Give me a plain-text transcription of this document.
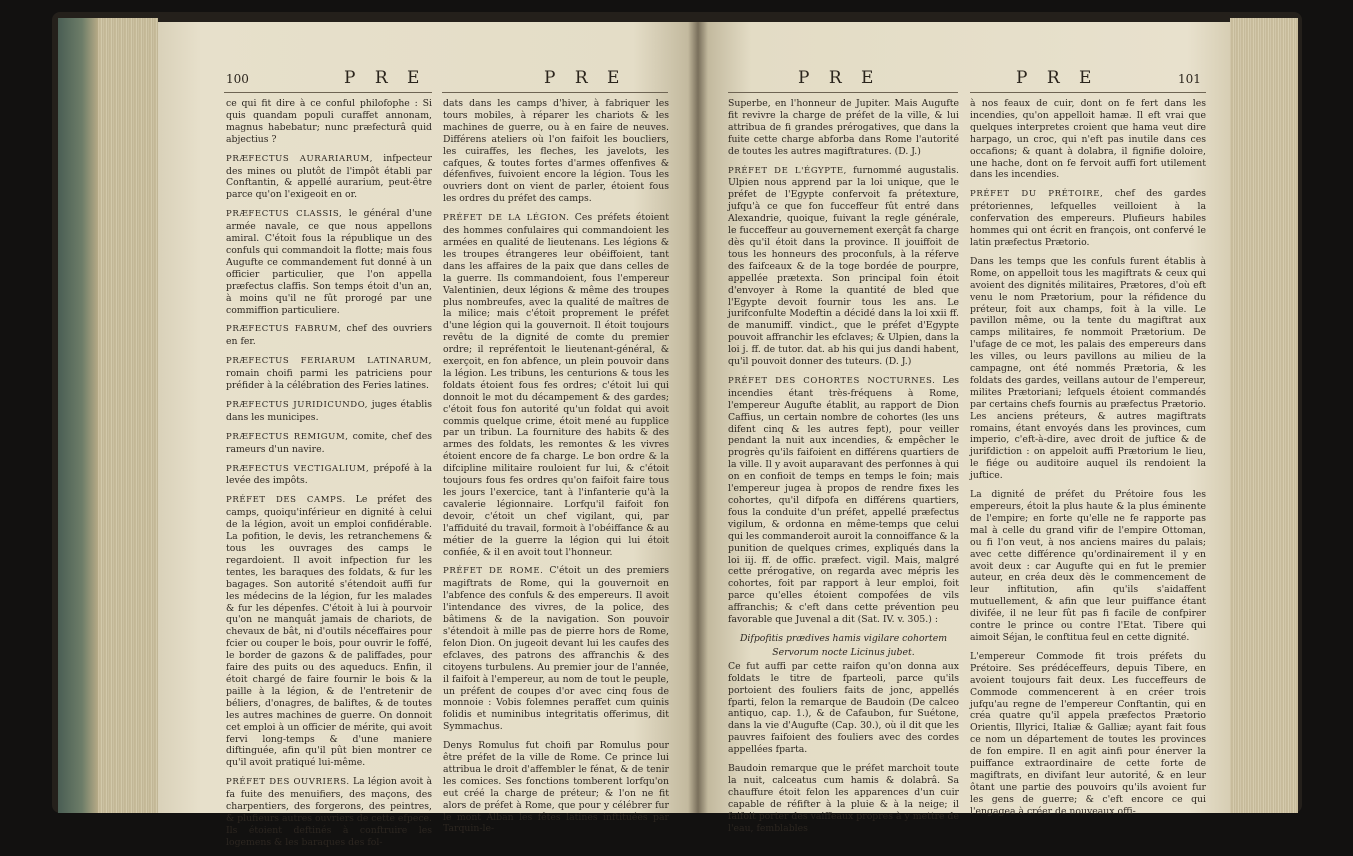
100	P R E	P R E

ce qui fit dire à ce conful philofophe : Si quis quandam populi curaffet annonam, magnus habebatur; nunc præfecturâ quid abjectius ?

PRÆFECTUS AURARIARUM, infpecteur des mines ou plutôt de l'impôt établi par Conftantin, & appellé aurarium, peut-être parce qu'on l'exigeoit en or.

PRÆFECTUS CLASSIS, le général d'une armée navale, ce que nous appellons amiral. C'étoit fous la république un des confuls qui commandoit la flotte; mais fous Augufte ce commandement fut donné à un officier particulier, que l'on appella præfectus claffis. Son temps étoit d'un an, à moins qu'il ne fût prorogé par une commiffion particuliere.

PRÆFECTUS FABRUM, chef des ouvriers en fer.

PRÆFECTUS FERIARUM LATINARUM, romain choifi parmi les patriciens pour préfider à la célébration des Feries latines.

PRÆFECTUS JURIDICUNDO, juges établis dans les municipes.

PRÆFECTUS REMIGUM, comite, chef des rameurs d'un navire.

PRÆFECTUS VECTIGALIUM, prépofé à la levée des impôts.

PRÉFET DES CAMPS. Le préfet des camps, quoiqu'inférieur en dignité à celui de la légion, avoit un emploi confidérable. La pofition, le devis, les retranchemens & tous les ouvrages des camps le regardoient. Il avoit infpection fur les tentes, les baraques des foldats, & fur les bagages. Son autorité s'étendoit auffi fur les médecins de la légion, fur les malades & fur les dépenfes. C'étoit à lui à pourvoir qu'on ne manquât jamais de chariots, de chevaux de bât, ni d'outils néceffaires pour fcier ou couper le bois, pour ouvrir le foffé, le border de gazons & de paliffades, pour faire des puits ou des aqueducs. Enfin, il étoit chargé de faire fournir le bois & la paille à la légion, & de l'entretenir de béliers, d'onagres, de baliftes, & de toutes les autres machines de guerre. On donnoit cet emploi à un officier de mérite, qui avoit fervi long-temps & d'une maniere diftinguée, afin qu'il pût bien montrer ce qu'il avoit pratiqué lui-même.

PRÉFET DES OUVRIERS. La légion avoit à fa fuite des menuifiers, des maçons, des charpentiers, des forgerons, des peintres, & plufieurs autres ouvriers de cette efpece. Ils étoient deftinés à conftruire les logemens & les baraques des fol-

dats dans les camps d'hiver, à fabriquer les tours mobiles, à réparer les chariots & les machines de guerre, ou à en faire de neuves. Différens ateliers où l'on faifoit les boucliers, les cuiraffes, les fleches, les javelots, les cafques, & toutes fortes d'armes offenfives & défenfives, fuivoient encore la légion. Tous les ouvriers dont on vient de parler, étoient fous les ordres du préfet des camps.

PRÉFET DE LA LÉGION. Ces préfets étoient des hommes confulaires qui commandoient les armées en qualité de lieutenans. Les légions & les troupes étrangeres leur obéiffoient, tant dans les affaires de la paix que dans celles de la guerre. Ils commandoient, fous l'empereur Valentinien, deux légions & même des troupes plus nombreufes, avec la qualité de maîtres de la milice; mais c'étoit proprement le préfet d'une légion qui la gouvernoit. Il étoit toujours revêtu de la dignité de comte du premier ordre; il repréfentoit le lieutenant-général, & exerçoit, en fon abfence, un plein pouvoir dans la légion. Les tribuns, les centurions & tous les foldats étoient fous fes ordres; c'étoit lui qui donnoit le mot du décampement & des gardes; c'étoit fous fon autorité qu'un foldat qui avoit commis quelque crime, étoit mené au fupplice par un tribun. La fourniture des habits & des armes des foldats, les remontes & les vivres étoient encore de fa charge. Le bon ordre & la difcipline militaire rouloient fur lui, & c'étoit toujours fous fes ordres qu'on faifoit faire tous les jours l'exercice, tant à l'infanterie qu'à la cavalerie légionnaire. Lorfqu'il faifoit fon devoir, c'étoit un chef vigilant, qui, par l'affiduité du travail, formoit à l'obéiffance & au métier de la guerre la légion qui lui étoit confiée, & il en avoit tout l'honneur.

PRÉFET DE ROME. C'étoit un des premiers magiftrats de Rome, qui la gouvernoit en l'abfence des confuls & des empereurs. Il avoit l'intendance des vivres, de la police, des bâtimens & de la navigation. Son pouvoir s'étendoit à mille pas de pierre hors de Rome, felon Dion. On jugeoit devant lui les caufes des efclaves, des patrons des affranchis & des citoyens turbulens. Au premier jour de l'année, il faifoit à l'empereur, au nom de tout le peuple, un préfent de coupes d'or avec cinq fous de monnoie : Vobis folemnes peraffet cum quinis folidis et numinibus integritatis offerimus, dit Symmachus.

Denys Romulus fut choifi par Romulus pour être préfet de la ville de Rome. Ce prince lui attribua le droit d'affembler le fénat, & de tenir les comices. Ses fonctions tomberent lorfqu'on eut créé la charge de préteur; & l'on ne fit alors de préfet à Rome, que pour y célébrer fur le mont Alban les fêtes latines inftituées par Tarquin-le-

P R E	P R E	101

Superbe, en l'honneur de Jupiter. Mais Augufte fit revivre la charge de préfet de la ville, & lui attribua de fi grandes prérogatives, que dans la fuite cette charge abforba dans Rome l'autorité de toutes les autres magiftratures. (D. J.)

PRÉFET DE L'ÉGYPTE, furnommé augustalis. Ulpien nous apprend par la loi unique, que le préfet de l'Egypte confervoit fa prétexture, jufqu'à ce que fon fucceffeur fût entré dans Alexandrie, quoique, fuivant la regle générale, le fucceffeur au gouvernement exerçât fa charge dès qu'il étoit dans la province. Il jouiffoit de tous les honneurs des proconfuls, à la réferve des faifceaux & de la toge bordée de pourpre, appellée prætexta. Son principal foin étoit d'envoyer à Rome la quantité de bled que l'Egypte devoit fournir tous les ans. Le jurifconfulte Modeftin a décidé dans la loi xxii ff. de manumiff. vindict., que le préfet d'Egypte pouvoit affranchir les efclaves; & Ulpien, dans la loi j. ff. de tutor. dat. ab his qui jus dandi habent, qu'il pouvoit donner des tuteurs. (D. J.)

PRÉFET DES COHORTES NOCTURNES. Les incendies étant très-fréquens à Rome, l'empereur Augufte établit, au rapport de Dion Caffius, un certain nombre de cohortes (les uns difent cinq & les autres fept), pour veiller pendant la nuit aux incendies, & empêcher le progrès qu'ils faifoient en différens quartiers de la ville. Il y avoit auparavant des perfonnes à qui on en confioit de temps en temps le foin; mais l'empereur jugea à propos de rendre fixes les cohortes, qu'il difpofa en différens quartiers, fous la conduite d'un préfet, appellé præfectus vigilum, & ordonna en même-temps que celui qui les commanderoit auroit la connoiffance & la punition de quelques crimes, expliqués dans la loi iij. ff. de offic. præfect. vigil. Mais, malgré cette prérogative, on regarda avec mépris les cohortes, foit par rapport à leur emploi, foit parce qu'elles étoient compofées de vils affranchis; & c'eft dans cette prévention peu favorable que Juvenal a dit (Sat. IV. v. 305.) :

Difpofitis prædives hamis vigilare cohortem

Servorum nocte Licinus jubet.

Ce fut auffi par cette raifon qu'on donna aux foldats le titre de fparteoli, parce qu'ils portoient des fouliers faits de jonc, appellés fparti, felon la remarque de Baudoin (De calceo antiquo, cap. 1.), & de Cafaubon, fur Suétone, dans la vie d'Augufte (Cap. 30.), où il dit que les pauvres faifoient des fouliers avec des cordes appellées fparta.

Baudoin remarque que le préfet marchoit toute la nuit, calceatus cum hamis & dolabrâ. Sa chauffure étoit felon les apparences d'un cuir capable de réfifter à la pluie & à la neige; il faifoit porter des vaiffeaux propres à y mettre de l'eau, femblables

à nos feaux de cuir, dont on fe fert dans les incendies, qu'on appelloit hamæ. Il eft vrai que quelques interpretes croient que hama veut dire harpago, un croc, qui n'eft pas inutile dans ces occafions; & quant à dolabra, il fignifie doloire, une hache, dont on fe fervoit auffi fort utilement dans les incendies.

PRÉFET DU PRÉTOIRE, chef des gardes prétoriennes, lefquelles veilloient à la confervation des empereurs. Plufieurs habiles hommes qui ont écrit en françois, ont confervé le latin præfectus Prætorio.

Dans les temps que les confuls furent établis à Rome, on appelloit tous les magiftrats & ceux qui avoient des dignités militaires, Prætores, d'où eft venu le nom Prætorium, pour la réfidence du préteur, foit aux champs, foit à la ville. Le pavillon même, ou la tente du magiftrat aux camps militaires, fe nommoit Prætorium. De l'ufage de ce mot, les palais des empereurs dans les villes, ou leurs pavillons au milieu de la campagne, ont été nommés Prætoria, & les foldats des gardes, veillans autour de l'empereur, milites Prætoriani; lefquels étoient commandés par certains chefs fournis au præfectus Prætorio. Les anciens préteurs, & autres magiftrats romains, étant envoyés dans les provinces, cum imperio, c'eft-à-dire, avec droit de juftice & de jurifdiction : on appeloit auffi Prætorium le lieu, le fiége ou auditoire auquel ils rendoient la juftice.

La dignité de préfet du Prétoire fous les empereurs, étoit la plus haute & la plus éminente de l'empire; en forte qu'elle ne fe rapporte pas mal à celle du grand vifir de l'empire Ottoman, ou fi l'on veut, à nos anciens maires du palais; avec cette différence qu'ordinairement il y en avoit deux : car Augufte qui en fut le premier auteur, en créa deux dès le commencement de leur inftitution, afin qu'ils s'aidaffent mutuellement, & afin que leur puiffance étant divifée, il ne leur fût pas fi facile de confpirer contre le prince ou contre l'Etat. Tibere qui aimoit Séjan, le conftitua feul en cette dignité.

L'empereur Commode fit trois préfets du Prétoire. Ses prédéceffeurs, depuis Tibere, en avoient toujours fait deux. Les fucceffeurs de Commode commencerent à en créer trois jufqu'au regne de l'empereur Conftantin, qui en créa quatre qu'il appela præfectos Prætorio Orientis, Illyrici, Italiæ & Galliæ; ayant fait fous ce nom un département de toutes les provinces de fon empire. Il en agit ainfi pour énerver la puiffance extraordinaire de cette forte de magiftrats, en divifant leur autorité, & en leur ôtant une partie des pouvoirs qu'ils avoient fur les gens de guerre; & c'eft encore ce qui l'engagea à créer de nouveaux offi-
